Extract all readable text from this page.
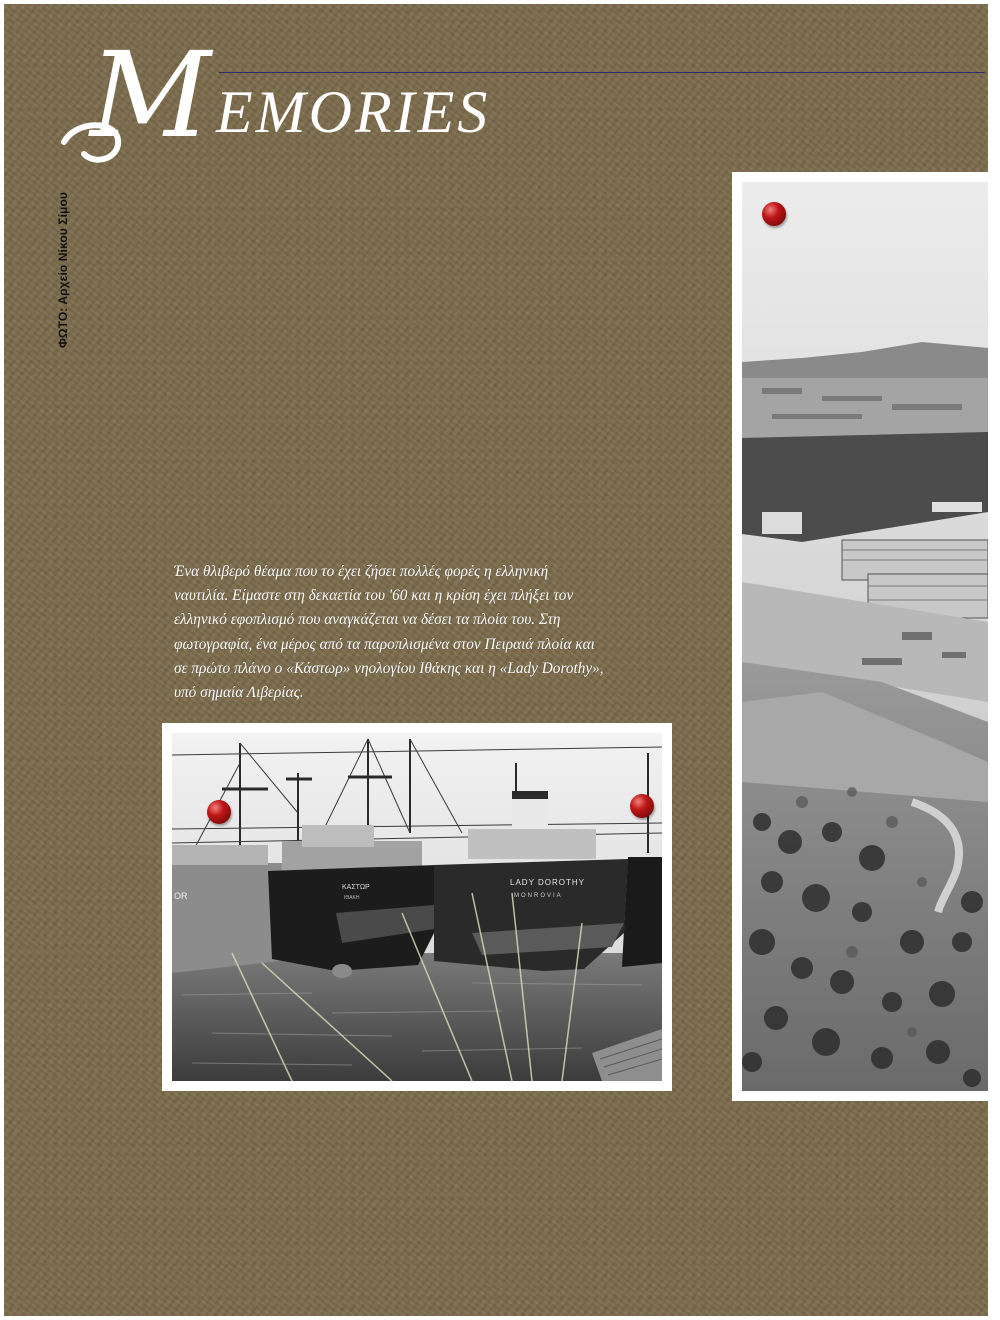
M EMORIES
ΦΩΤΟ: Αρχείο Νίκου Σίμου
Ένα θλιβερό θέαμα που το έχει ζήσει πολλές φορές η ελληνική
ναυτιλία. Είμαστε στη δεκαετία του '60 και η κρίση έχει πλήξει τον
ελληνικό εφοπλισμό που αναγκάζεται να δέσει τα πλοία του. Στη
φωτογραφία, ένα μέρος από τα παροπλισμένα στον Πειραιά πλοία και
σε πρώτο πλάνο ο «Κάστωρ» νηολογίου Ιθάκης και η «Lady Dorothy»,
υπό σημαία Λιβερίας.
OR
ΚΑΣΤΩΡ
ΙΘΑΚΗ
LADY DOROTHY
MONROVIA
